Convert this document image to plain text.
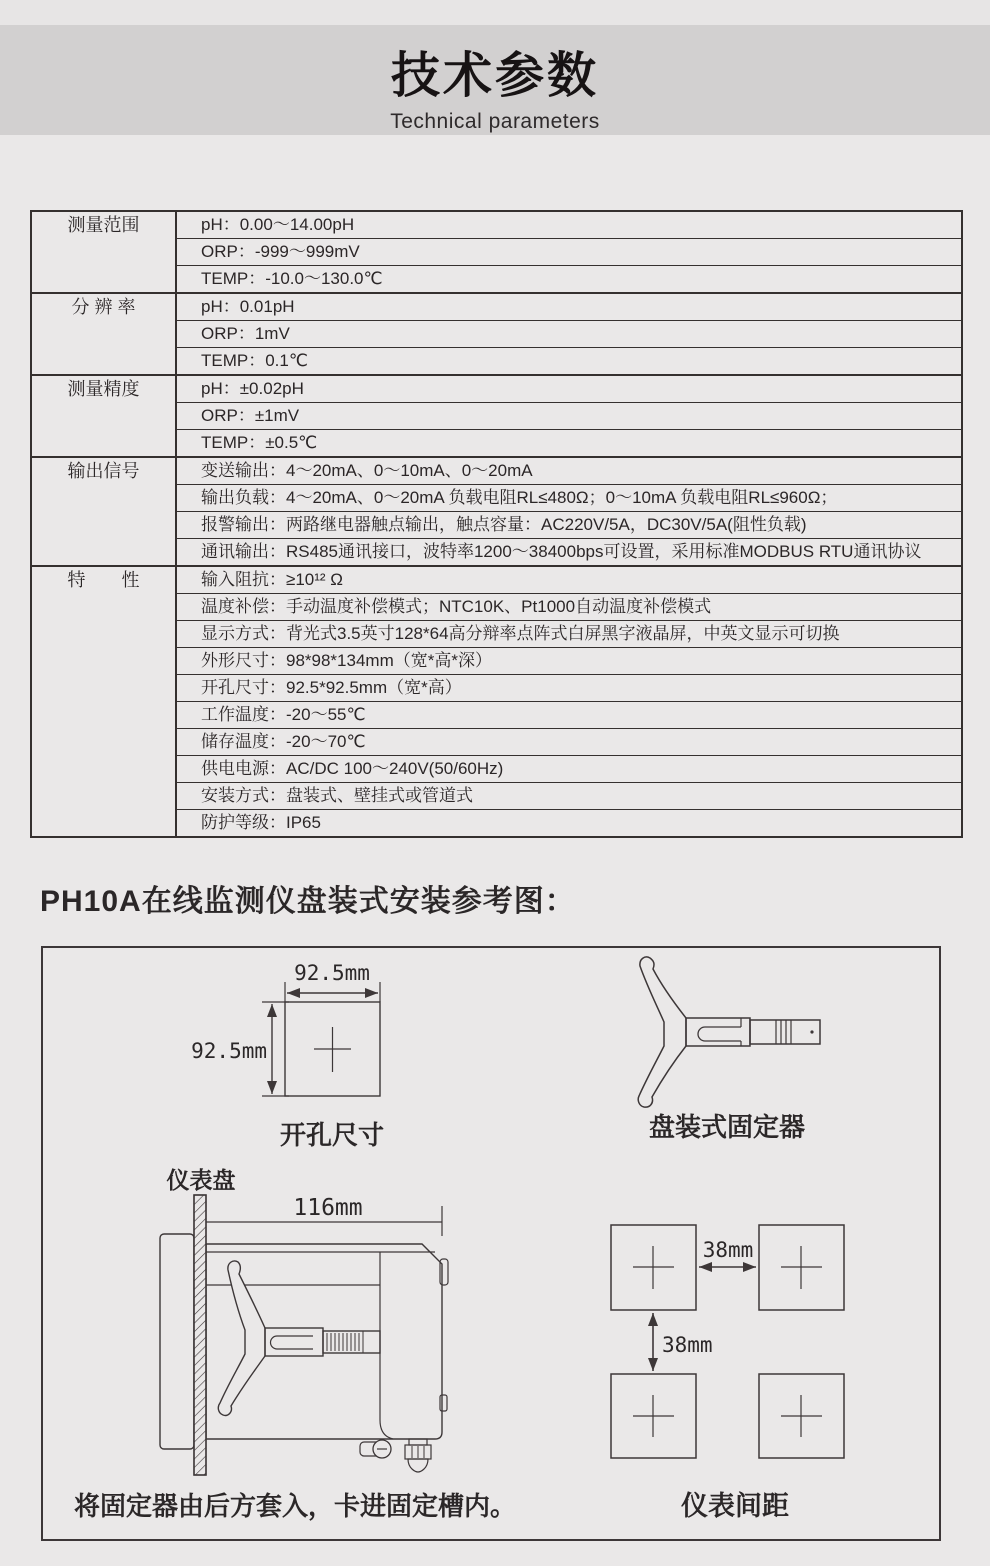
技术参数
Technical parameters
测量范围	pH：0.00～14.00pH
	ORP：-999～999mV
	TEMP：-10.0～130.0℃
分 辨 率	pH：0.01pH
	ORP：1mV
	TEMP：0.1℃
测量精度	pH：±0.02pH
	ORP：±1mV
	TEMP：±0.5℃
输出信号	变送输出：4～20mA、0～10mA、0～20mA
	输出负载：4～20mA、0～20mA 负载电阻RL≤480Ω；0～10mA 负载电阻RL≤960Ω；
	报警输出：两路继电器触点输出，触点容量：AC220V/5A，DC30V/5A(阻性负载)
	通讯输出：RS485通讯接口，波特率1200～38400bps可设置，采用标准MODBUS RTU通讯协议
特　　性	输入阻抗：≥10¹² Ω
	温度补偿：手动温度补偿模式；NTC10K、Pt1000自动温度补偿模式
	显示方式：背光式3.5英寸128*64高分辩率点阵式白屏黑字液晶屏，中英文显示可切换
	外形尺寸：98*98*134mm（宽*高*深）
	开孔尺寸：92.5*92.5mm（宽*高）
	工作温度：-20～55℃
	储存温度：-20～70℃
	供电电源：AC/DC 100～240V(50/60Hz)
	安装方式：盘装式、壁挂式或管道式
	防护等级：IP65
PH10A在线监测仪盘装式安装参考图：
92.5mm
92.5mm
开孔尺寸	盘装式固定器
仪表盘
116mm
将固定器由后方套入，卡进固定槽内。
38mm
38mm
仪表间距
